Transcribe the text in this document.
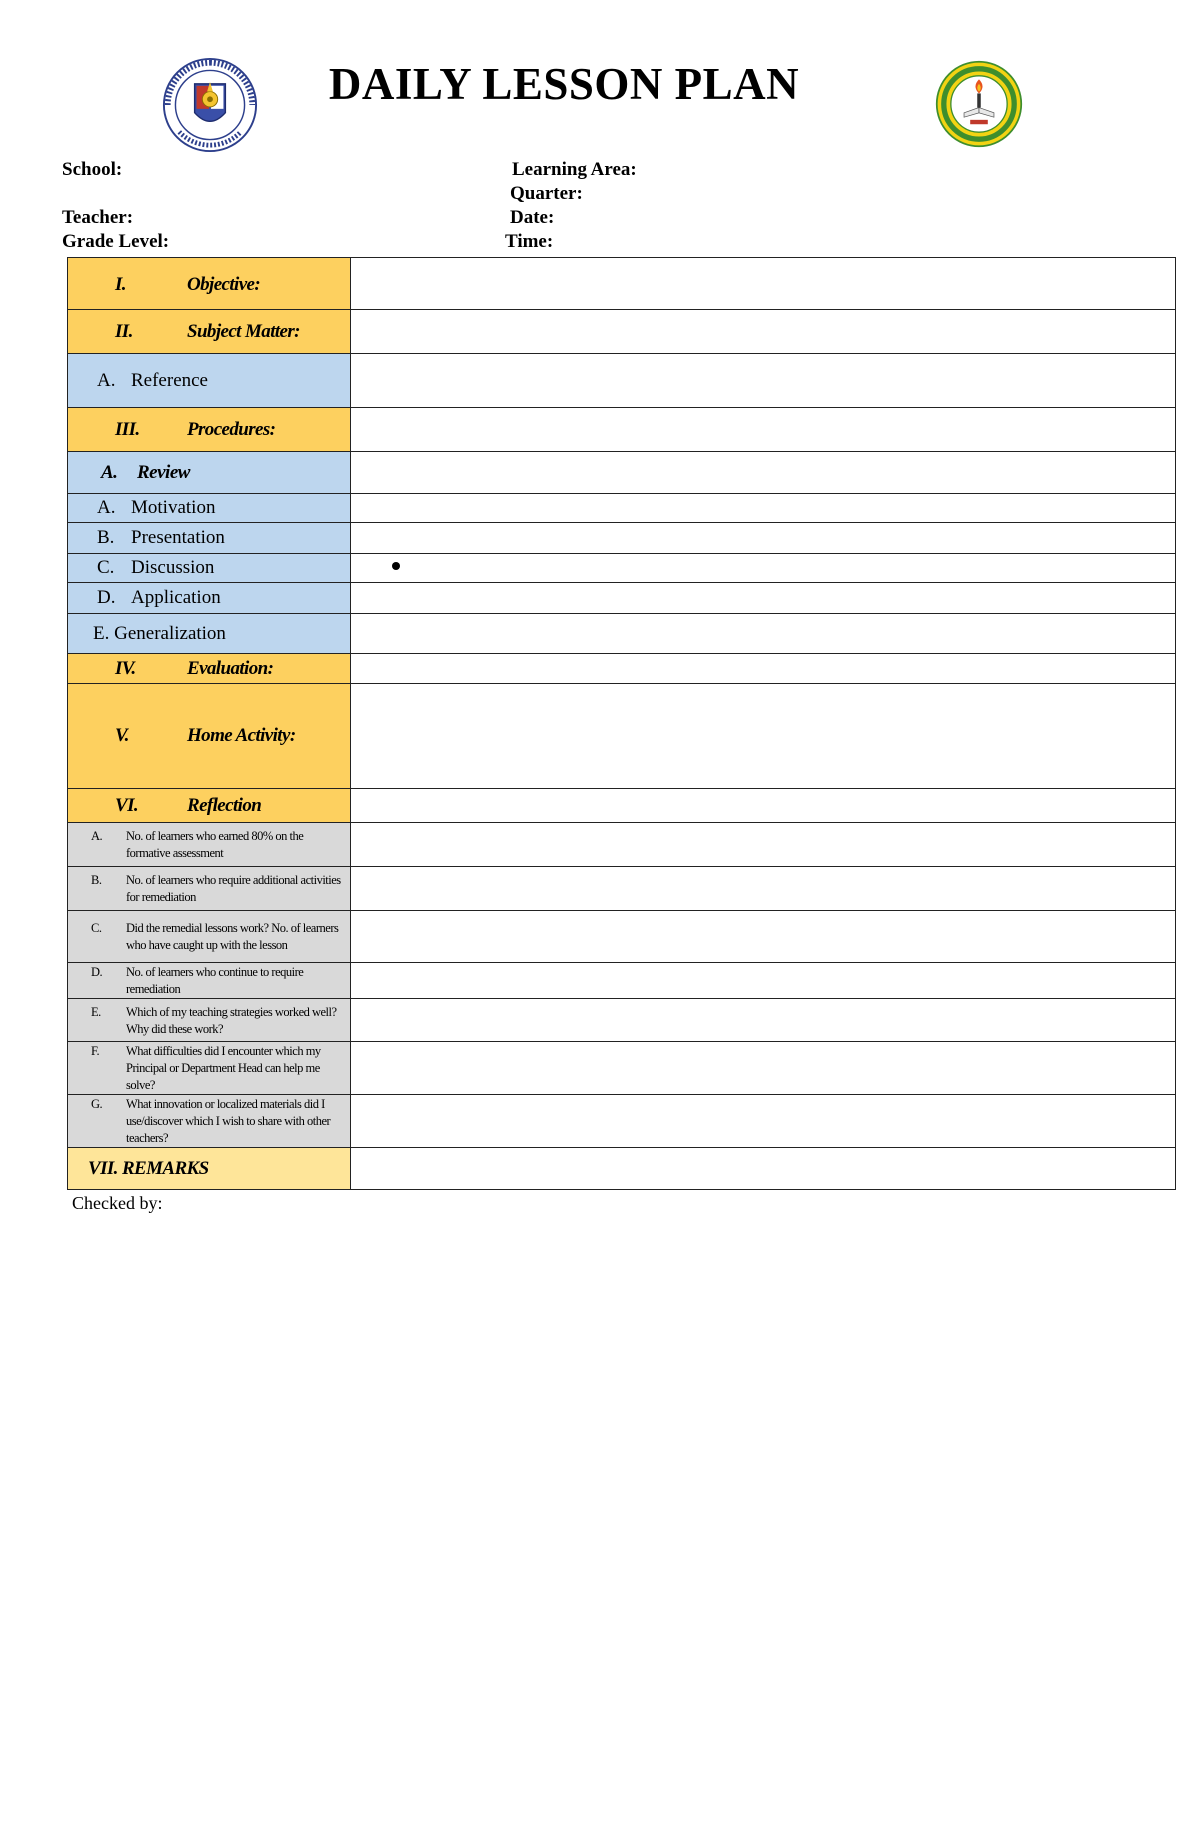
DAILY LESSON PLAN
School:
Teacher:
Grade Level:
Learning Area:
Quarter:
Date:
Time:
I. Objective:	

II. Subject Matter:	

A. Reference	

III. Procedures:	

A. Review	

A. Motivation	

B. Presentation	

C. Discussion	

D. Application	

E. Generalization	

IV. Evaluation:	

V. Home Activity:	

VI. Reflection	

A. No. of learners who earned 80% on the formative assessment	

B. No. of learners who require additional activities for remediation	

C. Did the remedial lessons work? No. of learners who have caught up with the lesson	

D. No. of learners who continue to require remediation	

E. Which of my teaching strategies worked well? Why did these work?	

F. What difficulties did I encounter which my Principal or Department Head can help me solve?	

G. What innovation or localized materials did I use/discover which I wish to share with other teachers?	

VII. REMARKS	

Checked by:
